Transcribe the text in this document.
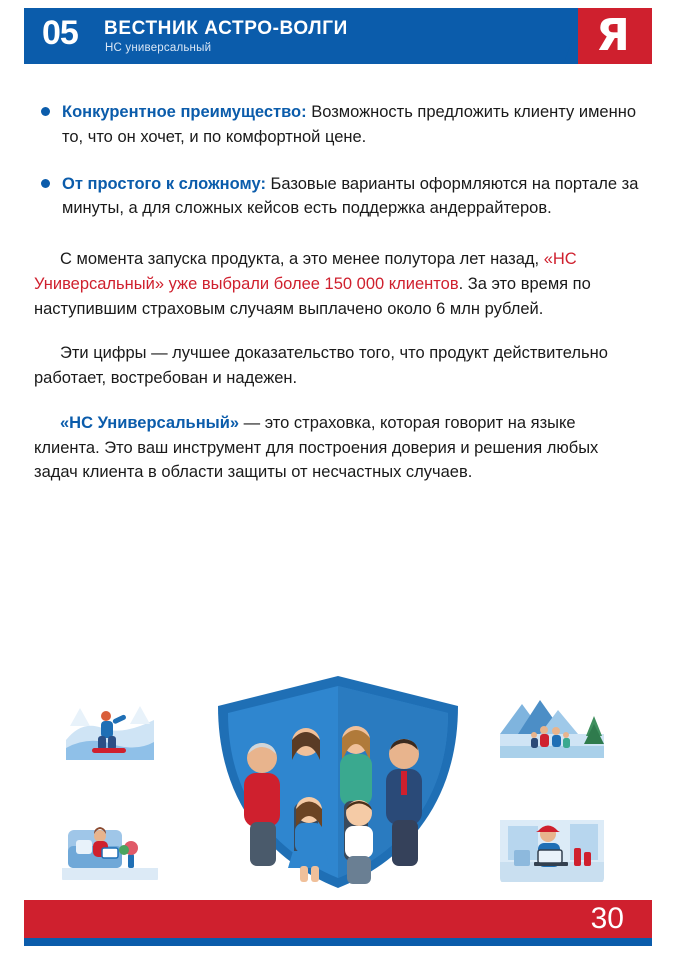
Я
05 ВЕСТНИК АСТРО-ВОЛГИ
НС универсальный
Конкурентное преимущество: Возможность предложить клиенту именно то, что он хочет, и по комфортной цене.
От простого к сложному: Базовые варианты оформляются на портале за минуты, а для сложных кейсов есть поддержка андеррайтеров.

С момента запуска продукта, а это менее полутора лет назад, «НС Универсальный» уже выбрали более 150 000 клиентов. За это время по наступившим страховым случаям выплачено около 6 млн рублей.

Эти цифры — лучшее доказательство того, что продукт действительно работает, востребован и надежен.

«НС Универсальный» — это страховка, которая говорит на языке клиента. Это ваш инструмент для построения доверия и решения любых задач клиента в области защиты от несчастных случаев.

30
